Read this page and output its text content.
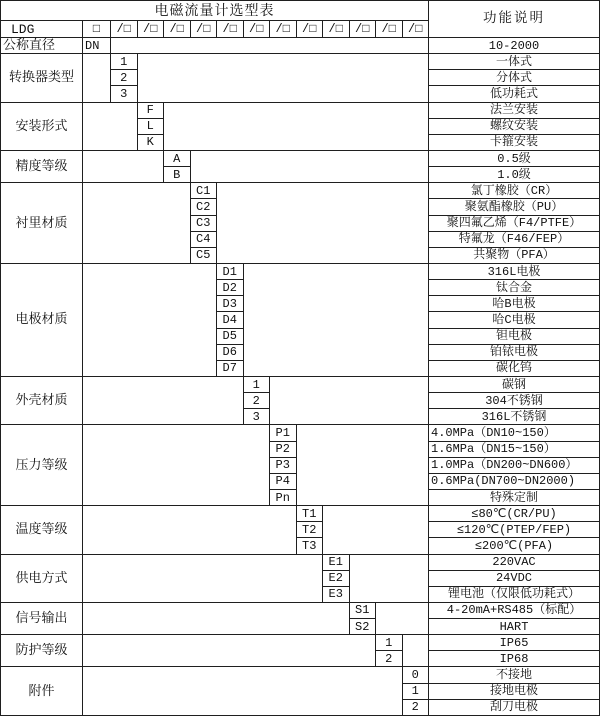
电磁流量计选型表	功能说明
LDG	□	/□	/□	/□	/□	/□	/□	/□	/□	/□	/□	/□	/□
公称直径	DN	10-2000
转换器类型
1	一体式
2	分体式
3	低功耗式
安装形式
F	法兰安装
L	螺纹安装
K	卡箍安装
精度等级
A	0.5级
B	1.0级
衬里材质
C1	氯丁橡胶（CR）
C2	聚氨酯橡胶（PU）
C3	聚四氟乙烯（F4/PTFE）
C4	特氟龙（F46/FEP）
C5	共聚物（PFA）
电极材质
D1	316L电极
D2	钛合金
D3	哈B电极
D4	哈C电极
D5	钽电极
D6	铂铱电极
D7	碳化钨
外壳材质
1	碳钢
2	304不锈钢
3	316L不锈钢
压力等级
P1	4.0MPa（DN10~150）
P2	1.6MPa（DN15~150）
P3	1.0MPa（DN200~DN600）
P4	0.6MPa(DN700~DN2000)
Pn	特殊定制
温度等级
T1	≤80℃(CR/PU)
T2	≤120℃(PTEP/FEP)
T3	≤200℃(PFA)
供电方式
E1	220VAC
E2	24VDC
E3	锂电池（仅限低功耗式）
信号输出
S1	4-20mA+RS485（标配）
S2	HART
防护等级
1	IP65
2	IP68
附件
0	不接地
1	接地电极
2	刮刀电极
